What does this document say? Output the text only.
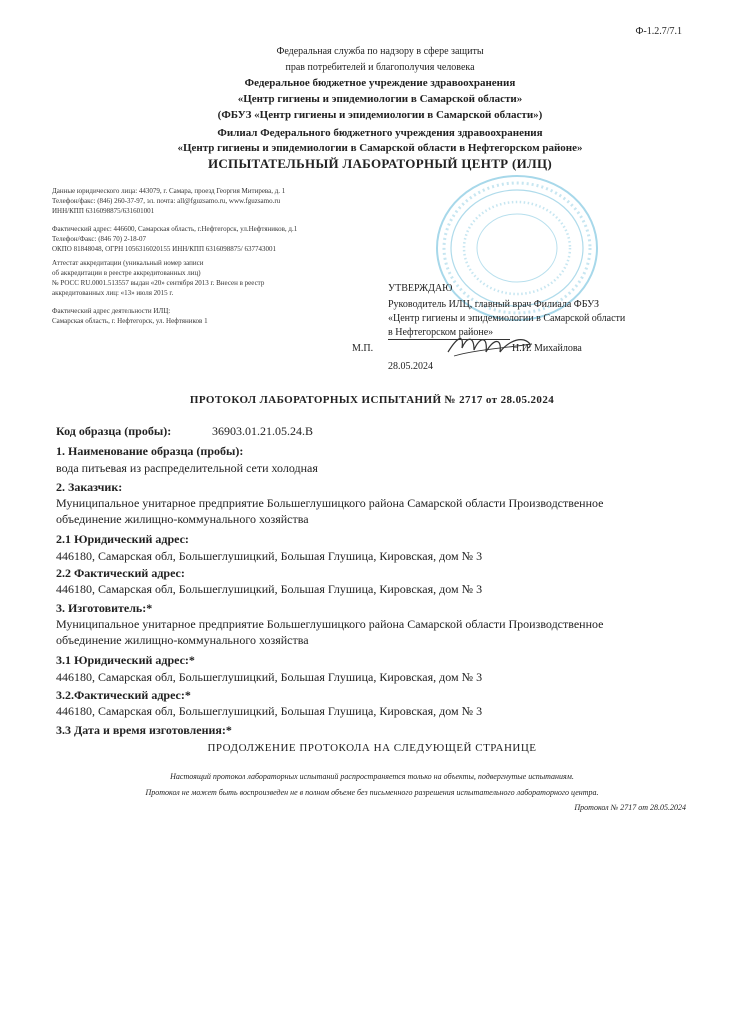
Ф-1.2.7/7.1
Федеральная служба по надзору в сфере защиты
прав потребителей и благополучия человека
Федеральное бюджетное учреждение здравоохранения
«Центр гигиены и эпидемиологии в Самарской области»
(ФБУЗ «Центр гигиены и эпидемиологии в Самарской области»)
Филиал Федерального бюджетного учреждения здравоохранения
«Центр гигиены и эпидемиологии в Самарской области в Нефтегорском районе»
ИСПЫТАТЕЛЬНЫЙ ЛАБОРАТОРНЫЙ ЦЕНТР (ИЛЦ)
Данные юридического лица: 443079, г. Самара, проезд Георгия Митирева, д. 1
Телефон/факс: (846) 260-37-97, эл. почта: all@fguzsamo.ru, www.fguzsamo.ru
ИНН/КПП 6316098875/631601001
Фактический адрес: 446600, Самарская область, г.Нефтегорск, ул.Нефтяников, д.1
Телефон/Факс: (846 70) 2-18-07
ОКПО 81848048, ОГРН 1056316020155 ИНН/КПП 6316098875/ 637743001
Аттестат аккредитации (уникальный номер записи
об аккредитации в реестре аккредитованных лиц)
№ РОСС RU.0001.513557 выдан «20» сентября 2013 г. Внесен в реестр
аккредитованных лиц: «13» июля 2015 г.
Фактический адрес деятельности ИЛЦ:
Самарская область, г. Нефтегорск, ул. Нефтяников 1
УТВЕРЖДАЮ
Руководитель ИЛЦ, главный врач Филиала ФБУЗ
«Центр гигиены и эпидемиологии в Самарской области
в Нефтегорском районе»
М.П.	Н.И. Михайлова
28.05.2024
ПРОТОКОЛ ЛАБОРАТОРНЫХ ИСПЫТАНИЙ № 2717 от 28.05.2024
Код образца (пробы):	36903.01.21.05.24.В
1. Наименование образца (пробы):
вода питьевая из распределительной сети холодная
2. Заказчик:
Муниципальное унитарное предприятие Большеглушицкого района Самарской области Производственное
объединение жилищно-коммунального хозяйства
2.1 Юридический адрес:
446180, Самарская обл, Большеглушицкий, Большая Глушица, Кировская, дом № 3
2.2 Фактический адрес:
446180, Самарская обл, Большеглушицкий, Большая Глушица, Кировская, дом № 3
3. Изготовитель:*
Муниципальное унитарное предприятие Большеглушицкого района Самарской области Производственное
объединение жилищно-коммунального хозяйства
3.1 Юридический адрес:*
446180, Самарская обл, Большеглушицкий, Большая Глушица, Кировская, дом № 3
3.2.Фактический адрес:*
446180, Самарская обл, Большеглушицкий, Большая Глушица, Кировская, дом № 3
3.3 Дата и время изготовления:*
ПРОДОЛЖЕНИЕ ПРОТОКОЛА НА СЛЕДУЮЩЕЙ СТРАНИЦЕ
Настоящий протокол лабораторных испытаний распространяется только на объекты, подвергнутые испытаниям.
Протокол не может быть воспроизведен не в полном объеме без письменного разрешения испытательного лабораторного центра.
Протокол № 2717 от 28.05.2024
